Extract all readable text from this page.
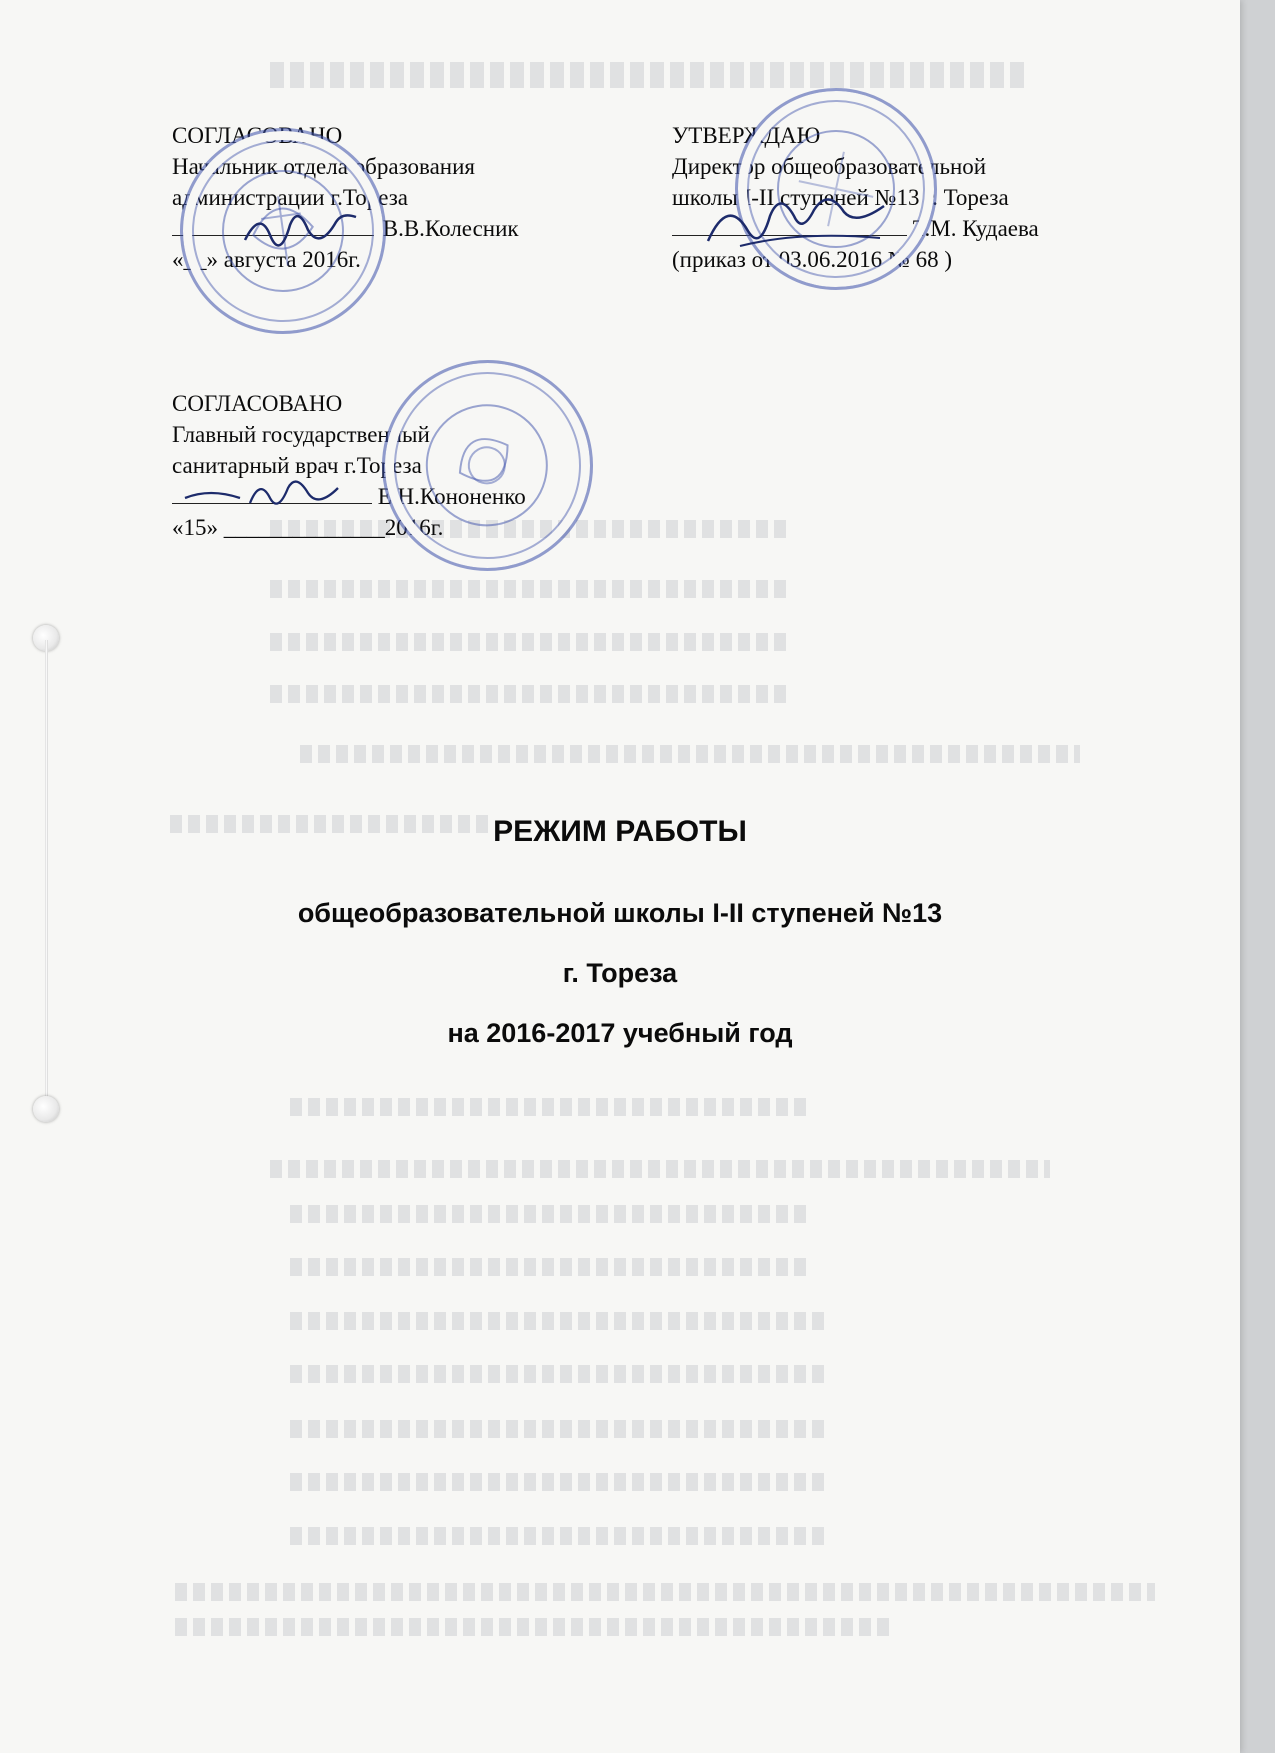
СОГЛАСОВАНО
Начальник отдела образования
администрации г.Тореза
В.В.Колесник
«__» августа 2016г.
УТВЕРЖДАЮ
Директор общеобразовательной
школы I-II ступеней №13 г. Тореза
Т.М. Кудаева
(приказ от 03.06.2016 № 68 )
СОГЛАСОВАНО
Главный государственный
санитарный врач г.Тореза
Е.Н.Кононенко
«15» ______________2016г.
РЕЖИМ РАБОТЫ
общеобразовательной школы I-II ступеней №13
г. Тореза
на 2016-2017 учебный год
